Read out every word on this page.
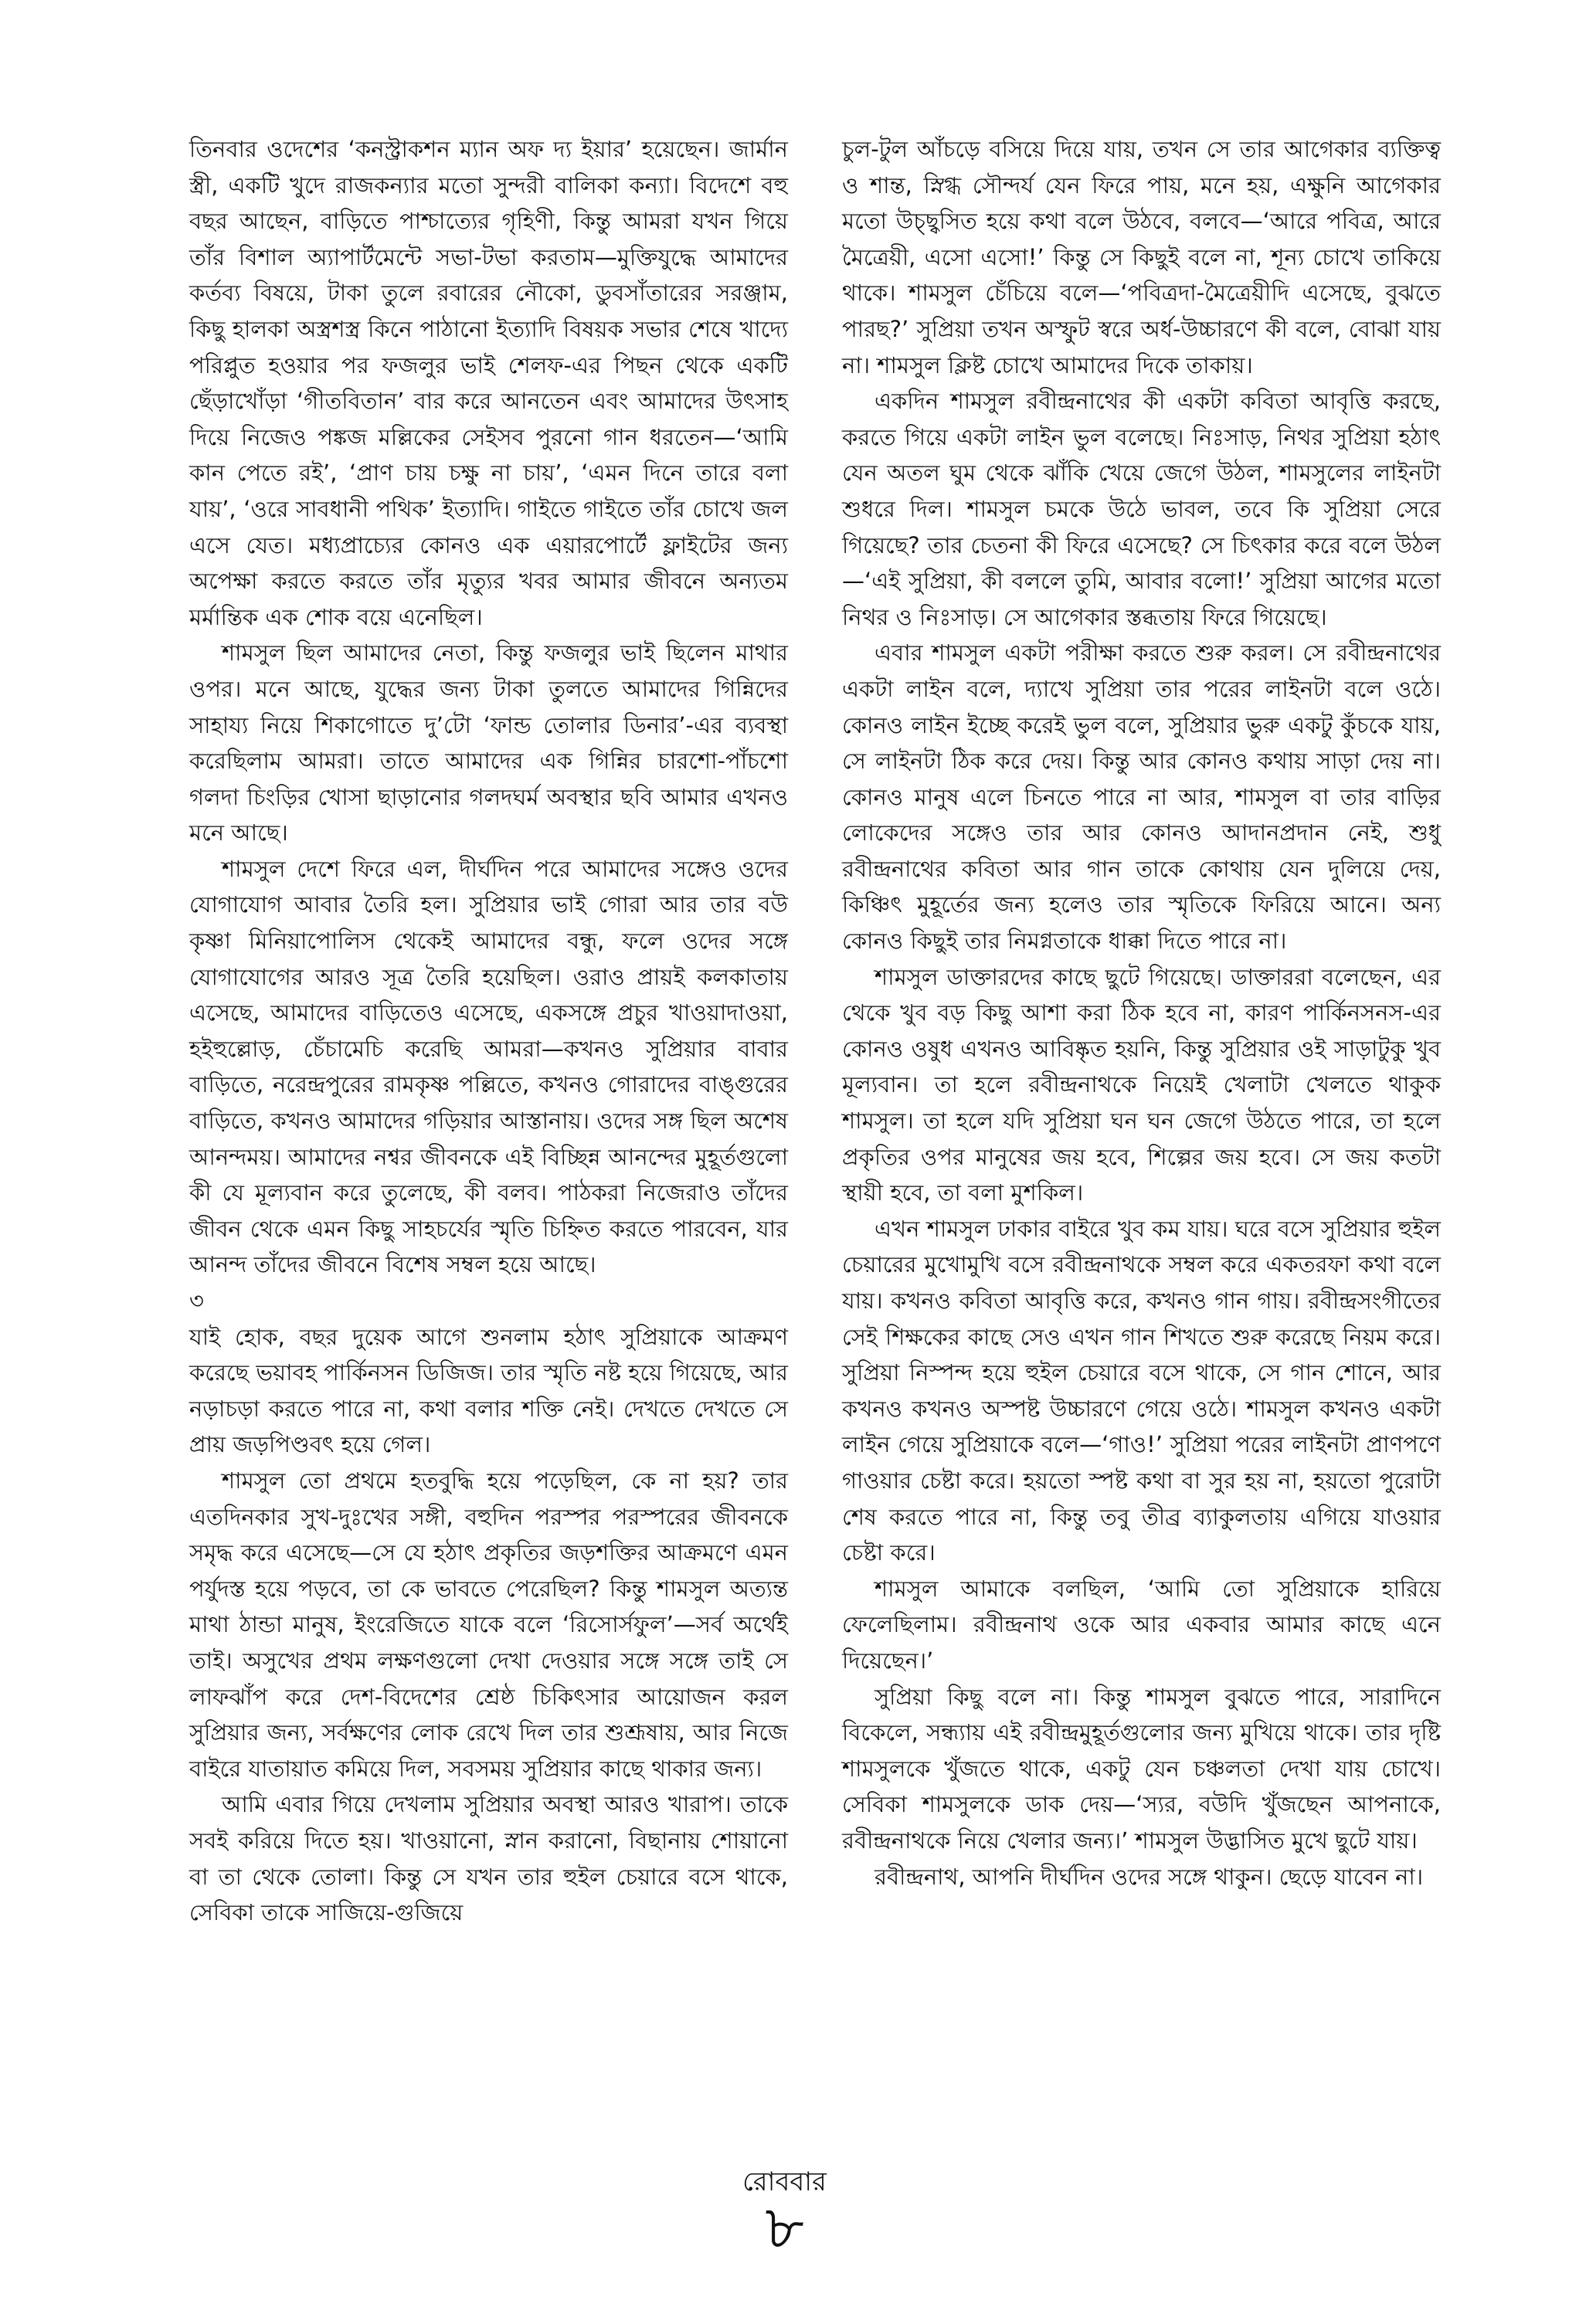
তিনবার ওদেশের ‘কনস্ট্রাকশন ম্যান অফ দ্য ইয়ার’ হয়েছেন। জার্মান স্ত্রী, একটি খুদে রাজকন্যার মতো সুন্দরী বালিকা কন্যা। বিদেশে বহু বছর আছেন, বাড়িতে পাশ্চাত্যের গৃহিণী, কিন্তু আমরা যখন গিয়ে তাঁর বিশাল অ্যাপার্টমেন্টে সভা-টভা করতাম—মুক্তিযুদ্ধে আমাদের কর্তব্য বিষয়ে, টাকা তুলে রবারের নৌকো, ডুবসাঁতারের সরঞ্জাম, কিছু হালকা অস্ত্রশস্ত্র কিনে পাঠানো ইত্যাদি বিষয়ক সভার শেষে খাদ্যে পরিপ্লুত হওয়ার পর ফজলুর ভাই শেলফ-এর পিছন থেকে একটি ছেঁড়াখোঁড়া ‘গীতবিতান’ বার করে আনতেন এবং আমাদের উৎসাহ দিয়ে নিজেও পঙ্কজ মল্লিকের সেইসব পুরনো গান ধরতেন—‘আমি কান পেতে রই’, ‘প্রাণ চায় চক্ষু না চায়’, ‘এমন দিনে তারে বলা যায়’, ‘ওরে সাবধানী পথিক’ ইত্যাদি। গাইতে গাইতে তাঁর চোখে জল এসে যেত। মধ্যপ্রাচ্যের কোনও এক এয়ারপোর্টে ফ্লাইটের জন্য অপেক্ষা করতে করতে তাঁর মৃত্যুর খবর আমার জীবনে অন্যতম মর্মান্তিক এক শোক বয়ে এনেছিল।

শামসুল ছিল আমাদের নেতা, কিন্তু ফজলুর ভাই ছিলেন মাথার ওপর। মনে আছে, যুদ্ধের জন্য টাকা তুলতে আমাদের গিন্নিদের সাহায্য নিয়ে শিকাগোতে দু’টো ‘ফান্ড তোলার ডিনার’-এর ব্যবস্থা করেছিলাম আমরা। তাতে আমাদের এক গিন্নির চারশো-পাঁচশো গলদা চিংড়ির খোসা ছাড়ানোর গলদঘর্ম অবস্থার ছবি আমার এখনও মনে আছে।

শামসুল দেশে ফিরে এল, দীর্ঘদিন পরে আমাদের সঙ্গেও ওদের যোগাযোগ আবার তৈরি হল। সুপ্রিয়ার ভাই গোরা আর তার বউ কৃষ্ণা মিনিয়াপোলিস থেকেই আমাদের বন্ধু, ফলে ওদের সঙ্গে যোগাযোগের আরও সূত্র তৈরি হয়েছিল। ওরাও প্রায়ই কলকাতায় এসেছে, আমাদের বাড়িতেও এসেছে, একসঙ্গে প্রচুর খাওয়াদাওয়া, হইহুল্লোড়, চেঁচামেচি করেছি আমরা—কখনও সুপ্রিয়ার বাবার বাড়িতে, নরেন্দ্রপুরের রামকৃষ্ণ পল্লিতে, কখনও গোরাদের বাঙ্গুরের বাড়িতে, কখনও আমাদের গড়িয়ার আস্তানায়। ওদের সঙ্গ ছিল অশেষ আনন্দময়। আমাদের নশ্বর জীবনকে এই বিচ্ছিন্ন আনন্দের মুহূর্তগুলো কী যে মূল্যবান করে তুলেছে, কী বলব। পাঠকরা নিজেরাও তাঁদের জীবন থেকে এমন কিছু সাহচর্যের স্মৃতি চিহ্নিত করতে পারবেন, যার আনন্দ তাঁদের জীবনে বিশেষ সম্বল হয়ে আছে।

৩

যাই হোক, বছর দুয়েক আগে শুনলাম হঠাৎ সুপ্রিয়াকে আক্রমণ করেছে ভয়াবহ পার্কিনসন ডিজিজ। তার স্মৃতি নষ্ট হয়ে গিয়েছে, আর নড়াচড়া করতে পারে না, কথা বলার শক্তি নেই। দেখতে দেখতে সে প্রায় জড়পিণ্ডবৎ হয়ে গেল।

শামসুল তো প্রথমে হতবুদ্ধি হয়ে পড়েছিল, কে না হয়? তার এতদিনকার সুখ-দুঃখের সঙ্গী, বহুদিন পরস্পর পরস্পরের জীবনকে সমৃদ্ধ করে এসেছে—সে যে হঠাৎ প্রকৃতির জড়শক্তির আক্রমণে এমন পর্যুদস্ত হয়ে পড়বে, তা কে ভাবতে পেরেছিল? কিন্তু শামসুল অত্যন্ত মাথা ঠান্ডা মানুষ, ইংরেজিতে যাকে বলে ‘রিসোর্সফুল’—সর্ব অর্থেই তাই। অসুখের প্রথম লক্ষণগুলো দেখা দেওয়ার সঙ্গে সঙ্গে তাই সে লাফঝাঁপ করে দেশ-বিদেশের শ্রেষ্ঠ চিকিৎসার আয়োজন করল সুপ্রিয়ার জন্য, সর্বক্ষণের লোক রেখে দিল তার শুশ্রূষায়, আর নিজে বাইরে যাতায়াত কমিয়ে দিল, সবসময় সুপ্রিয়ার কাছে থাকার জন্য।

আমি এবার গিয়ে দেখলাম সুপ্রিয়ার অবস্থা আরও খারাপ। তাকে সবই করিয়ে দিতে হয়। খাওয়ানো, স্নান করানো, বিছানায় শোয়ানো বা তা থেকে তোলা। কিন্তু সে যখন তার হুইল চেয়ারে বসে থাকে, সেবিকা তাকে সাজিয়ে-গুজিয়ে

চুল-টুল আঁচড়ে বসিয়ে দিয়ে যায়, তখন সে তার আগেকার ব্যক্তিত্ব ও শান্ত, স্নিগ্ধ সৌন্দর্য যেন ফিরে পায়, মনে হয়, এক্ষুনি আগেকার মতো উচ্ছ্বসিত হয়ে কথা বলে উঠবে, বলবে—‘আরে পবিত্র, আরে মৈত্রেয়ী, এসো এসো!’ কিন্তু সে কিছুই বলে না, শূন্য চোখে তাকিয়ে থাকে। শামসুল চেঁচিয়ে বলে—‘পবিত্রদা-মৈত্রেয়ীদি এসেছে, বুঝতে পারছ?’ সুপ্রিয়া তখন অস্ফুট স্বরে অর্ধ-উচ্চারণে কী বলে, বোঝা যায় না। শামসুল ক্লিষ্ট চোখে আমাদের দিকে তাকায়।

একদিন শামসুল রবীন্দ্রনাথের কী একটা কবিতা আবৃত্তি করছে, করতে গিয়ে একটা লাইন ভুল বলেছে। নিঃসাড়, নিথর সুপ্রিয়া হঠাৎ যেন অতল ঘুম থেকে ঝাঁকি খেয়ে জেগে উঠল, শামসুলের লাইনটা শুধরে দিল। শামসুল চমকে উঠে ভাবল, তবে কি সুপ্রিয়া সেরে গিয়েছে? তার চেতনা কী ফিরে এসেছে? সে চিৎকার করে বলে উঠল—‘এই সুপ্রিয়া, কী বললে তুমি, আবার বলো!’ সুপ্রিয়া আগের মতো নিথর ও নিঃসাড়। সে আগেকার স্তব্ধতায় ফিরে গিয়েছে।

এবার শামসুল একটা পরীক্ষা করতে শুরু করল। সে রবীন্দ্রনাথের একটা লাইন বলে, দ্যাখে সুপ্রিয়া তার পরের লাইনটা বলে ওঠে। কোনও লাইন ইচ্ছে করেই ভুল বলে, সুপ্রিয়ার ভুরু একটু কুঁচকে যায়, সে লাইনটা ঠিক করে দেয়। কিন্তু আর কোনও কথায় সাড়া দেয় না। কোনও মানুষ এলে চিনতে পারে না আর, শামসুল বা তার বাড়ির লোকেদের সঙ্গেও তার আর কোনও আদানপ্রদান নেই, শুধু রবীন্দ্রনাথের কবিতা আর গান তাকে কোথায় যেন দুলিয়ে দেয়, কিঞ্চিৎ মুহূর্তের জন্য হলেও তার স্মৃতিকে ফিরিয়ে আনে। অন্য কোনও কিছুই তার নিমগ্নতাকে ধাক্কা দিতে পারে না।

শামসুল ডাক্তারদের কাছে ছুটে গিয়েছে। ডাক্তাররা বলেছেন, এর থেকে খুব বড় কিছু আশা করা ঠিক হবে না, কারণ পার্কিনসনস-এর কোনও ওষুধ এখনও আবিষ্কৃত হয়নি, কিন্তু সুপ্রিয়ার ওই সাড়াটুকু খুব মূল্যবান। তা হলে রবীন্দ্রনাথকে নিয়েই খেলাটা খেলতে থাকুক শামসুল। তা হলে যদি সুপ্রিয়া ঘন ঘন জেগে উঠতে পারে, তা হলে প্রকৃতির ওপর মানুষের জয় হবে, শিল্পের জয় হবে। সে জয় কতটা স্থায়ী হবে, তা বলা মুশকিল।

এখন শামসুল ঢাকার বাইরে খুব কম যায়। ঘরে বসে সুপ্রিয়ার হুইল চেয়ারের মুখোমুখি বসে রবীন্দ্রনাথকে সম্বল করে একতরফা কথা বলে যায়। কখনও কবিতা আবৃত্তি করে, কখনও গান গায়। রবীন্দ্রসংগীতের সেই শিক্ষকের কাছে সেও এখন গান শিখতে শুরু করেছে নিয়ম করে। সুপ্রিয়া নিস্পন্দ হয়ে হুইল চেয়ারে বসে থাকে, সে গান শোনে, আর কখনও কখনও অস্পষ্ট উচ্চারণে গেয়ে ওঠে। শামসুল কখনও একটা লাইন গেয়ে সুপ্রিয়াকে বলে—‘গাও!’ সুপ্রিয়া পরের লাইনটা প্রাণপণে গাওয়ার চেষ্টা করে। হয়তো স্পষ্ট কথা বা সুর হয় না, হয়তো পুরোটা শেষ করতে পারে না, কিন্তু তবু তীব্র ব্যাকুলতায় এগিয়ে যাওয়ার চেষ্টা করে।

শামসুল আমাকে বলছিল, ‘আমি তো সুপ্রিয়াকে হারিয়ে ফেলেছিলাম। রবীন্দ্রনাথ ওকে আর একবার আমার কাছে এনে দিয়েছেন।’

সুপ্রিয়া কিছু বলে না। কিন্তু শামসুল বুঝতে পারে, সারাদিনে বিকেলে, সন্ধ্যায় এই রবীন্দ্রমুহূর্তগুলোর জন্য মুখিয়ে থাকে। তার দৃষ্টি শামসুলকে খুঁজতে থাকে, একটু যেন চঞ্চলতা দেখা যায় চোখে। সেবিকা শামসুলকে ডাক দেয়—‘স্যর, বউদি খুঁজছেন আপনাকে, রবীন্দ্রনাথকে নিয়ে খেলার জন্য।’ শামসুল উদ্ভাসিত মুখে ছুটে যায়।

রবীন্দ্রনাথ, আপনি দীর্ঘদিন ওদের সঙ্গে থাকুন। ছেড়ে যাবেন না।

রোববার
৮
